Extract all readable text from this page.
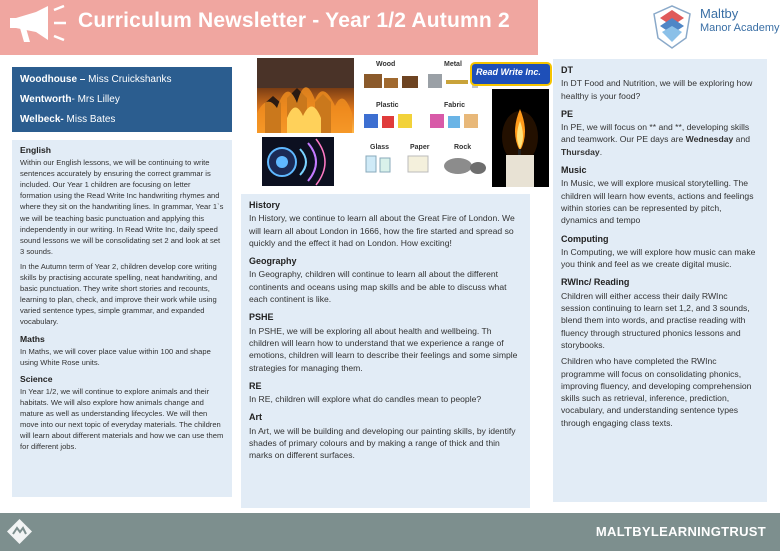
Curriculum Newsletter - Year 1/2 Autumn 2	Maltby
Manor Academy
Woodhouse – Miss Cruickshanks
Wentworth- Mrs Lilley
Welbeck- Miss Bates
English

Within our English lessons, we will be continuing to write sentences accurately by ensuring the correct grammar is included. Our Year 1 children are focusing on letter formation using the Read Write Inc handwriting rhymes and where they sit on the handwriting lines. In grammar, Year 1`s we will be teaching basic punctuation and applying this independently in our writing. In Read Write Inc, daily speed sound lessons we will be consolidating set 2 and look at set 3 sounds.

In the Autumn term of Year 2, children develop core writing skills by practising accurate spelling, neat handwriting, and basic punctuation. They write short stories and recounts, learning to plan, check, and improve their work while using varied sentence types, simple grammar, and expanded vocabulary.

Maths

In Maths, we will cover place value within 100 and shape using White Rose units.

Science

In Year 1/2, we will continue to explore animals and their habitats. We will also explore how animals change and mature as well as understanding lifecycles. We will then move into our next topic of everyday materials. The children will learn about different materials and how we can use them for different jobs.

Wood	Metal
Plastic	Fabric
Glass	Paper	Rock
Read Write Inc.
History

In History, we continue to learn all about the Great Fire of London. We will learn all about London in 1666, how the fire started and spread so quickly and the effect it had on London. How exciting!

Geography

In Geography, children will continue to learn all about the different continents and oceans using map skills and be able to discuss what each continent is like.

PSHE

In PSHE, we will be exploring all about health and wellbeing. Th children will learn how to understand that we experience a range of emotions, children will learn to describe their feelings and some simple strategies for managing them.

RE

In RE, children will explore what do candles mean to people?

Art

In Art, we will be building and developing our painting skills, by identify shades of primary colours and by making a range of thick and thin marks on different surfaces.

DT

In DT Food and Nutrition, we will be exploring how healthy is your food?

PE

In PE, we will focus on ** and **, developing skills and teamwork. Our PE days are Wednesday and Thursday.

Music

In Music, we will explore musical storytelling. The children will learn how events, actions and feelings within stories can be represented by pitch, dynamics and tempo

Computing

In Computing, we will explore how music can make you think and feel as we create digital music.

RWInc/ Reading

Children will either access their daily RWInc session continuing to learn set 1,2, and 3 sounds, blend them into words, and practise reading with fluency through structured phonics lessons and storybooks.

Children who have completed the RWInc programme will focus on consolidating phonics, improving fluency, and developing comprehension skills such as retrieval, inference, prediction, vocabulary, and understanding sentence types through engaging class texts.

MALTBYLEARNINGTRUST
